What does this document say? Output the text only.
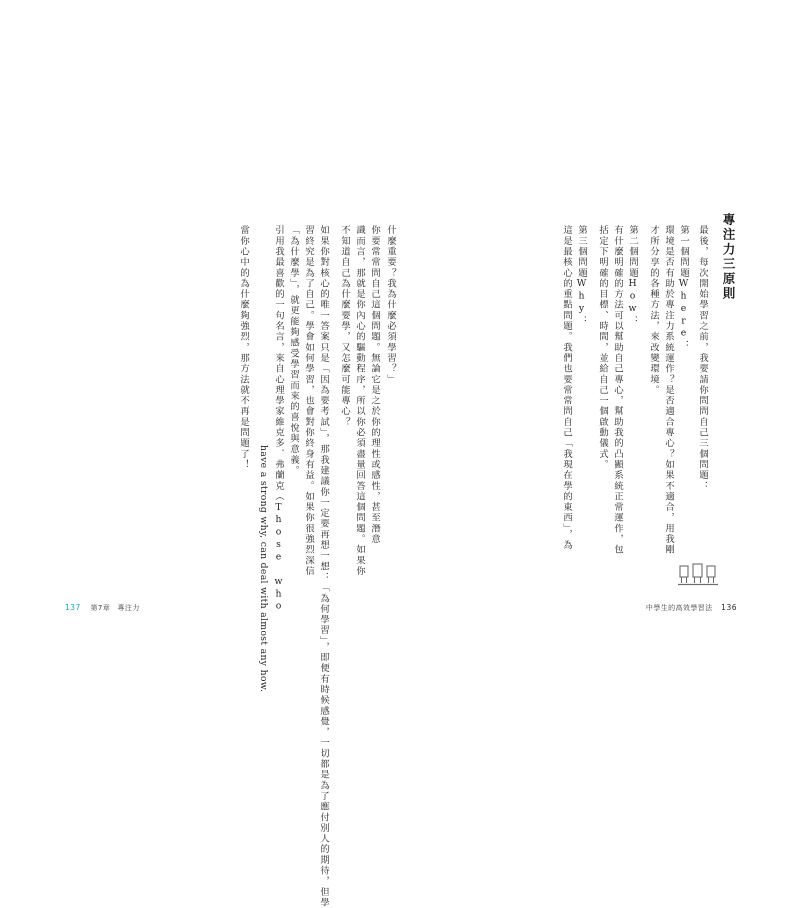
專注力三原則
最後，每次開始學習之前，我要請你問問自己三個問題：
第一個問題Where：
環境是否有助於專注力系統運作？是否適合專心？如果不適合，用我剛
才所分享的各種方法，來改變環境。
第二個問題How：
有什麼明確的方法可以幫助自己專心，幫助我的凸顯系統正常運作，包
括定下明確的目標、時間，並給自己一個啟動儀式。
第三個問題Why：
這是最核心的重點問題。我們也要常常問自己「我現在學的東西」，為
中學生的高效學習法 136
什麼重要？我為什麼必須學習？」
你要常常問自己這個問題。無論它是之於你的理性或感性，甚至潛意
識而言，那就是你內心的驅動程序，所以你必須盡量回答這個問題。如果你
不知道自己為什麼要學，又怎麼可能專心？
如果你對核心的唯一答案只是「因為要考試」，那我建議你一定要再想一想：「為何學習」，即便有時候感覺，一切都是為了應付別人的期待，但學
習終究是為了自己。學會如何學習，也會對你終身有益。如果你很強烈深信
「為什麼學」，就更能夠感受學習而來的喜悅與意義。
引用我最喜歡的一句名言，來自心理學家維克多．弗蘭克（Those who
have a strong why, can deal with almost any how.
當你心中的為什麼夠強烈，那方法就不再是問題了！
137 第7章　專注力
